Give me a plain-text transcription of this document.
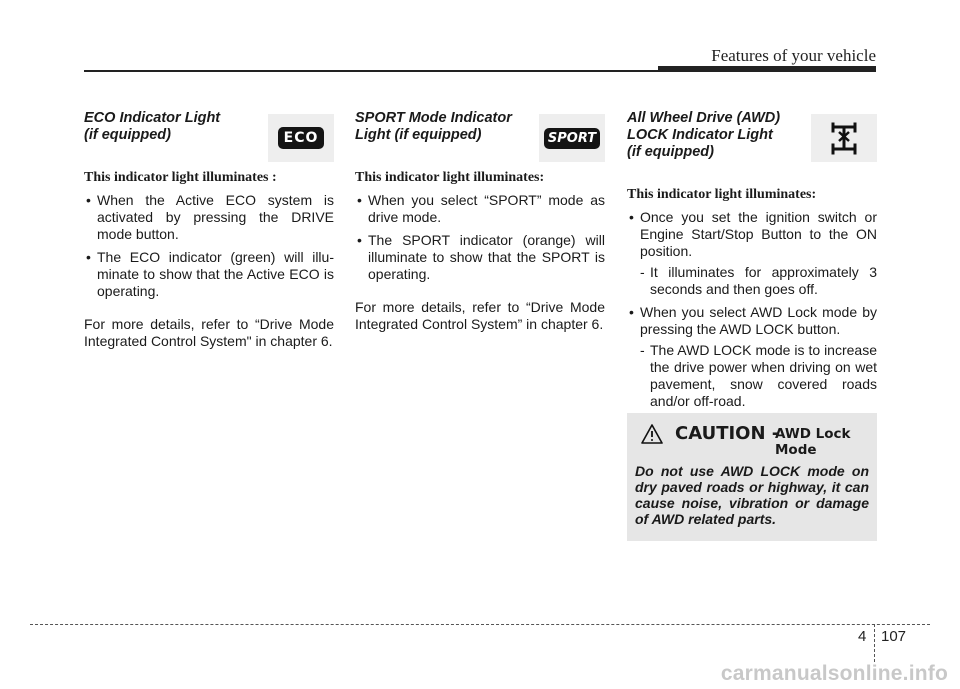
Features of your vehicle
ECO Indicator Light
(if equipped)	ECO

This indicator light illuminates :

• When the Active ECO system is activated by pressing the DRIVE mode button.
• The ECO indicator (green) will illu-minate to show that the Active ECO is operating.
For more details, refer to “Drive Mode Integrated Control System" in chapter 6.
SPORT Mode Indicator
Light (if equipped)	SPORT

This indicator light illuminates:

• When you select “SPORT” mode as drive mode.
• The SPORT indicator (orange) will illuminate to show that the SPORT is operating.
For more details, refer to “Drive Mode Integrated Control System” in chapter 6.
All Wheel Drive (AWD)
LOCK Indicator Light
(if equipped)

This indicator light illuminates:

• Once you set the ignition switch or Engine Start/Stop Button to the ON position.
- It illuminates for approximately 3 seconds and then goes off.
• When you select AWD Lock mode by pressing the AWD LOCK button.
- The AWD LOCK mode is to increase the drive power when driving on wet pavement, snow covered roads and/or off-road.
CAUTION -
AWD Lock Mode
Do not use AWD LOCK mode on dry paved roads or highway, it can cause noise, vibration or damage of AWD related parts.
4 107
carmanualsonline.info
